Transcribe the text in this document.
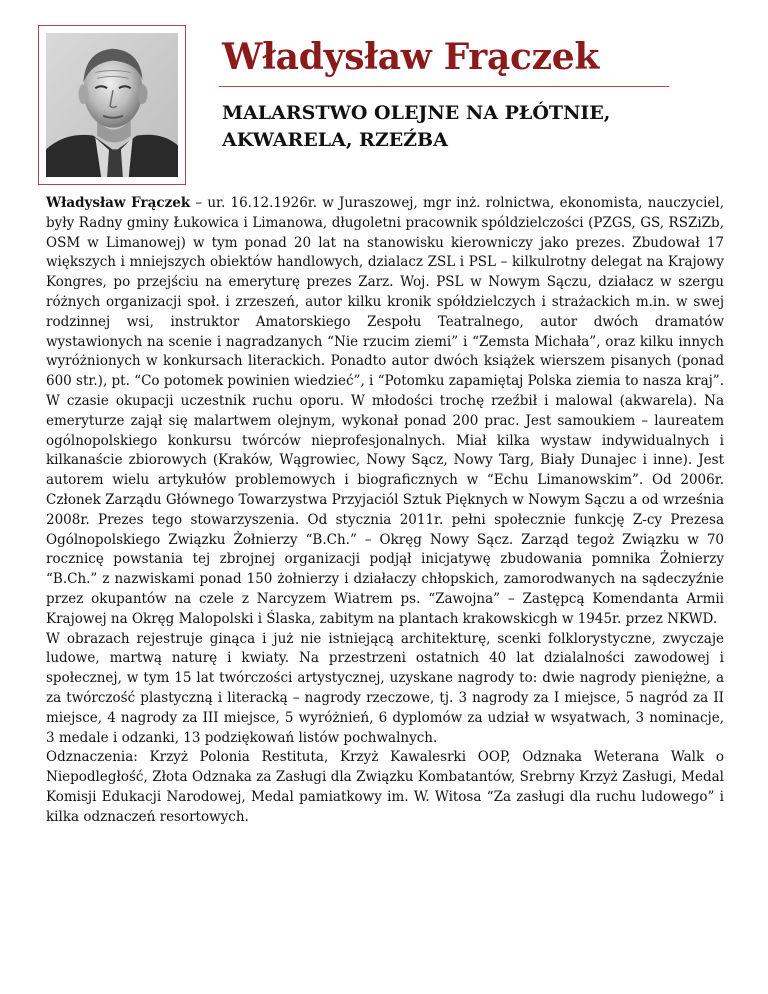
Władysław Frączek
MALARSTWO OLEJNE NA PŁÓTNIE,
AKWARELA, RZEŹBA

Władysław Frączek – ur. 16.12.1926r. w Juraszowej, mgr inż. rolnictwa, ekonomista, nauczyciel, były Radny gminy Łukowica i Limanowa, długoletni pracownik spóldzielczości (PZGS, GS, RSZiZb, OSM w Limanowej) w tym ponad 20 lat na stanowisku kierowniczy jako prezes. Zbudował 17 większych i mniejszych obiektów handlowych, dzialacz ZSL i PSL – kilkulrotny delegat na Krajowy Kongres, po przejściu na emeryturę prezes Zarz. Woj. PSL w Nowym Sączu, działacz w szergu różnych organizacji społ. i zrzeszeń, autor kilku kronik spółdzielczych i strażackich m.in. w swej rodzinnej wsi, instruktor Amatorskiego Zespołu Teatralnego, autor dwóch dramatów wystawionych na scenie i nagradzanych “Nie rzucim ziemi” i “Zemsta Michała”, oraz kilku innych wyróżnionych w konkursach literackich. Ponadto autor dwóch książek wierszem pisanych (ponad 600 str.), pt. “Co potomek powinien wiedzieć”, i “Potomku zapamiętaj Polska ziemia to nasza kraj”. W czasie okupacji uczestnik ruchu oporu. W młodości trochę rzeźbił i malowal (akwarela). Na emeryturze zajął się malartwem olejnym, wykonał ponad 200 prac. Jest samoukiem – laureatem ogólnopolskiego konkursu twórców nieprofesjonalnych. Miał kilka wystaw indywidualnych i kilkanaście zbiorowych (Kraków, Wągrowiec, Nowy Sącz, Nowy Targ, Biały Dunajec i inne). Jest autorem wielu artykułów problemowych i biograficznych w “Echu Limanowskim”. Od 2006r. Członek Zarządu Głównego Towarzystwa Przyjaciól Sztuk Pięknych w Nowym Sączu a od września 2008r. Prezes tego stowarzyszenia. Od stycznia 2011r. pełni społecznie funkcję Z-cy Prezesa Ogólnopolskiego Związku Żołnierzy “B.Ch.” – Okręg Nowy Sącz. Zarząd tegoż Związku w 70 rocznicę powstania tej zbrojnej organizacji podjął inicjatywę zbudowania pomnika Żołnierzy “B.Ch.” z nazwiskami ponad 150 żołnierzy i działaczy chłopskich, zamorodwanych na sądeczyźnie przez okupantów na czele z Narcyzem Wiatrem ps. “Zawojna” – Zastępcą Komendanta Armii Krajowej na Okręg Malopolski i Ślaska, zabitym na plantach krakowskicgh w 1945r. przez NKWD.

W obrazach rejestruje ginąca i już nie istniejącą architekturę, scenki folklorystyczne, zwyczaje ludowe, martwą naturę i kwiaty. Na przestrzeni ostatnich 40 lat dzialalności zawodowej i społecznej, w tym 15 lat twórczości artystycznej, uzyskane nagrody to: dwie nagrody pieniężne, a za twórczość plastyczną i literacką – nagrody rzeczowe, tj. 3 nagrody za I miejsce, 5 nagród za II miejsce, 4 nagrody za III miejsce, 5 wyróżnień, 6 dyplomów za udział w wsyatwach, 3 nominacje, 3 medale i odzanki, 13 podziękowań listów pochwalnych.

Odznaczenia: Krzyż Polonia Restituta, Krzyż Kawalesrki OOP, Odznaka Weterana Walk o Niepodległość, Złota Odznaka za Zasługi dla Związku Kombatantów, Srebrny Krzyż Zasługi, Medal Komisji Edukacji Narodowej, Medal pamiatkowy im. W. Witosa “Za zasługi dla ruchu ludowego” i kilka odznaczeń resortowych.
